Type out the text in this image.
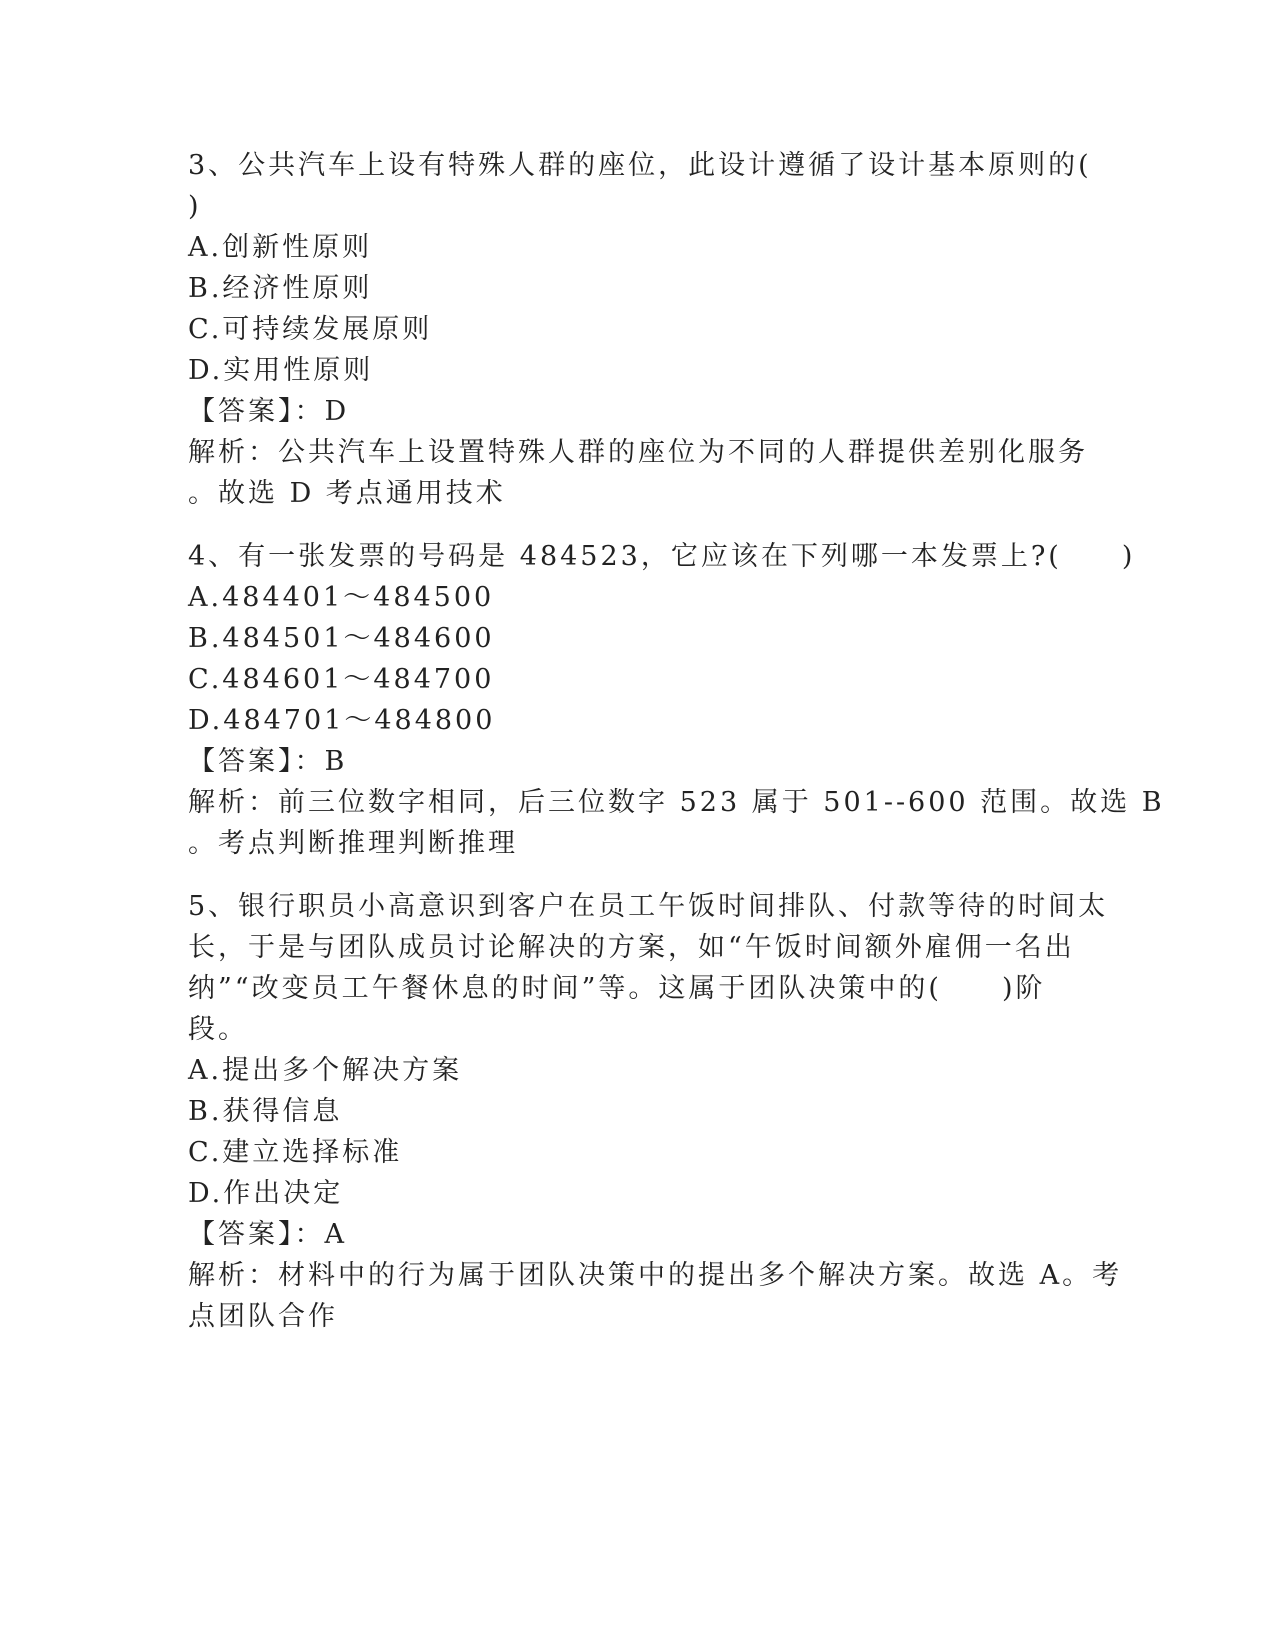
3、公共汽车上设有特殊人群的座位，此设计遵循了设计基本原则的(
)
A.创新性原则
B.经济性原则
C.可持续发展原则
D.实用性原则
【答案】：D
解析：公共汽车上设置特殊人群的座位为不同的人群提供差别化服务
。故选 D 考点通用技术
4、有一张发票的号码是 484523，它应该在下列哪一本发票上?(　　)
A.484401～484500
B.484501～484600
C.484601～484700
D.484701～484800
【答案】：B
解析：前三位数字相同，后三位数字 523 属于 501--600 范围。故选 B
。考点判断推理判断推理
5、银行职员小高意识到客户在员工午饭时间排队、付款等待的时间太
长，于是与团队成员讨论解决的方案，如“午饭时间额外雇佣一名出
纳”“改变员工午餐休息的时间”等。这属于团队决策中的(　　)阶
段。
A.提出多个解决方案
B.获得信息
C.建立选择标准
D.作出决定
【答案】：A
解析：材料中的行为属于团队决策中的提出多个解决方案。故选 A。考
点团队合作
